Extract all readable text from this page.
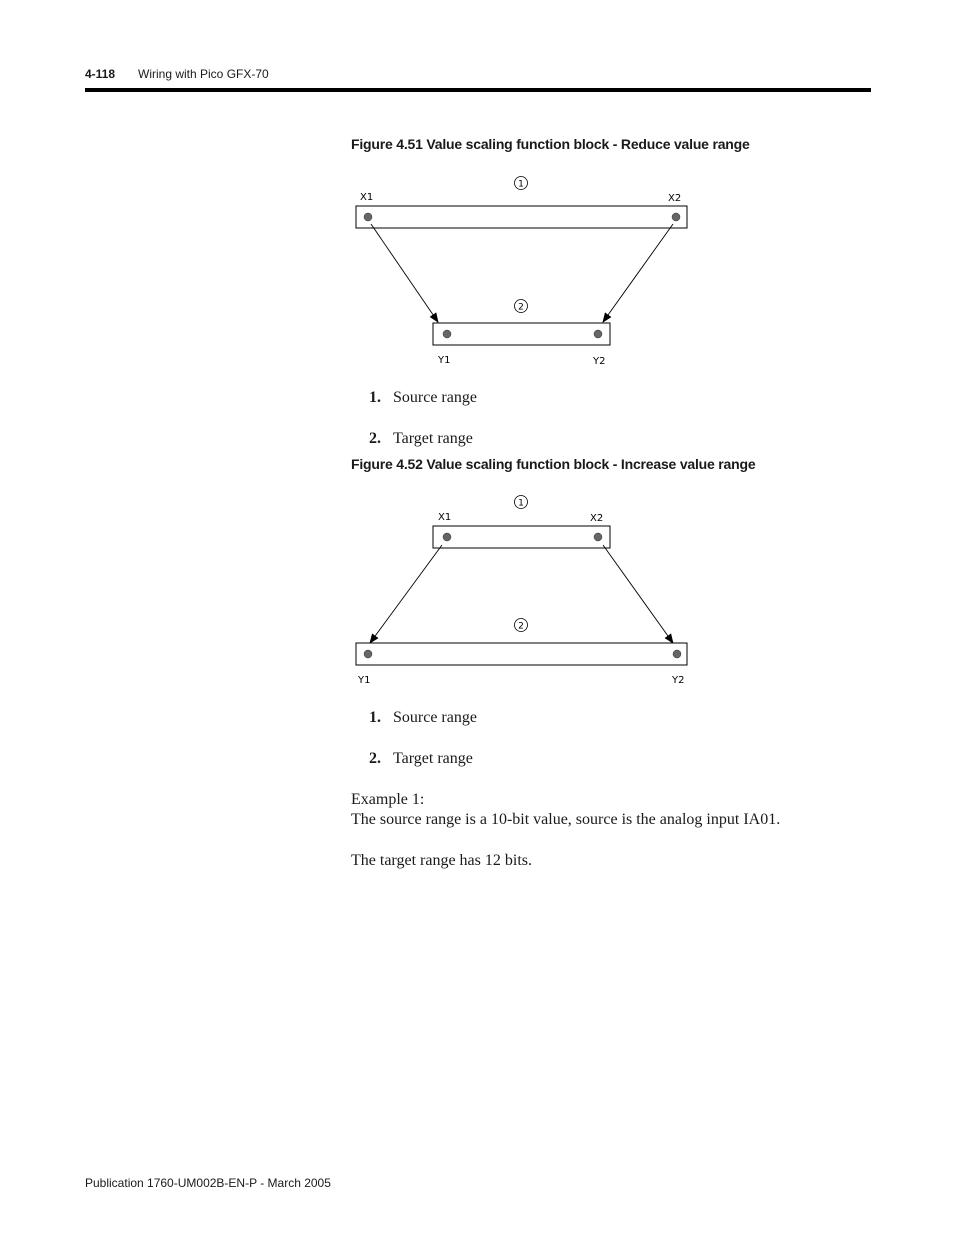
4-118 Wiring with Pico GFX-70
Figure 4.51 Value scaling function block - Reduce value range
1
X1	X2
2
Y1	Y2
1. Source range
2. Target range
Figure 4.52 Value scaling function block - Increase value range
1
X1	X2
2
Y1	Y2
1. Source range
2. Target range

Example 1:

The source range is a 10-bit value, source is the analog input IA01.

The target range has 12 bits.

Publication 1760-UM002B-EN-P - March 2005
